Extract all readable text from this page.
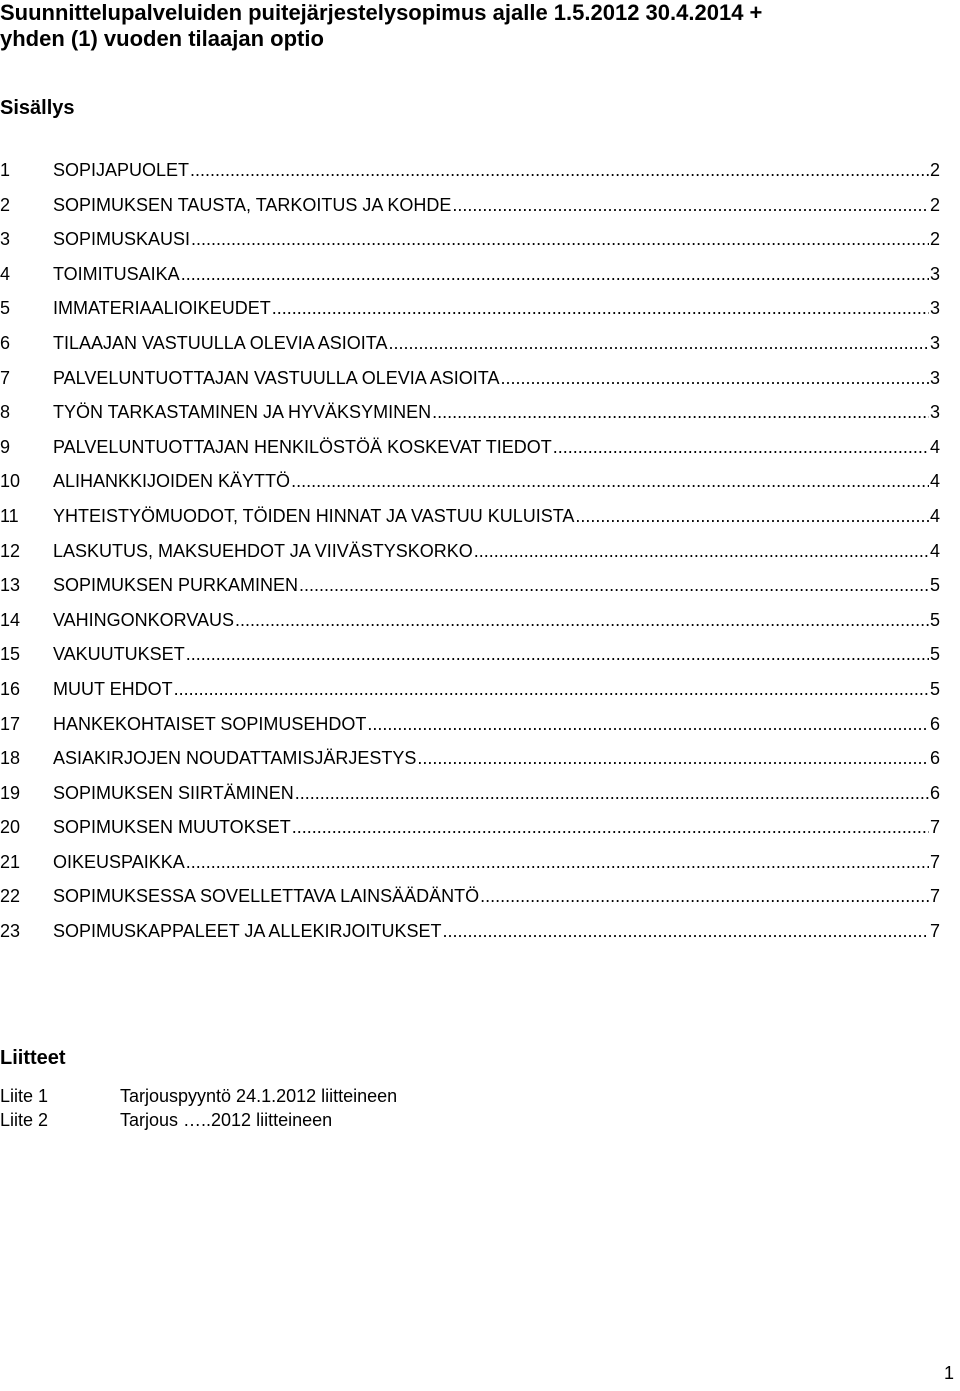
Suunnittelupalveluiden puitejärjestelysopimus ajalle 1.5.2012 30.4.2014 +
yhden (1) vuoden tilaajan optio
Sisällys
1	SOPIJAPUOLET .....	2
2	SOPIMUKSEN TAUSTA, TARKOITUS JA KOHDE .....	2
3	SOPIMUSKAUSI .....	2
4	TOIMITUSAIKA .....	3
5	IMMATERIAALIOIKEUDET .....	3
6	TILAAJAN VASTUULLA OLEVIA ASIOITA .....	3
7	PALVELUNTUOTTAJAN VASTUULLA OLEVIA ASIOITA .....	3
8	TYÖN TARKASTAMINEN JA HYVÄKSYMINEN .....	3
9	PALVELUNTUOTTAJAN HENKILÖSTÖÄ KOSKEVAT TIEDOT .....	4
10	ALIHANKKIJOIDEN KÄYTTÖ .....	4
11	YHTEISTYÖMUODOT, TÖIDEN HINNAT JA VASTUU KULUISTA .....	4
12	LASKUTUS, MAKSUEHDOT JA VIIVÄSTYSKORKO .....	4
13	SOPIMUKSEN PURKAMINEN .....	5
14	VAHINGONKORVAUS .....	5
15	VAKUUTUKSET .....	5
16	MUUT EHDOT .....	5
17	HANKEKOHTAISET SOPIMUSEHDOT .....	6
18	ASIAKIRJOJEN NOUDATTAMISJÄRJESTYS .....	6
19	SOPIMUKSEN SIIRTÄMINEN .....	6
20	SOPIMUKSEN MUUTOKSET .....	7
21	OIKEUSPAIKKA .....	7
22	SOPIMUKSESSA SOVELLETTAVA LAINSÄÄDÄNTÖ .....	7
23	SOPIMUSKAPPALEET JA ALLEKIRJOITUKSET .....	7
Liitteet
Liite 1	Tarjouspyyntö 24.1.2012 liitteineen
Liite 2	Tarjous …..2012 liitteineen
1
